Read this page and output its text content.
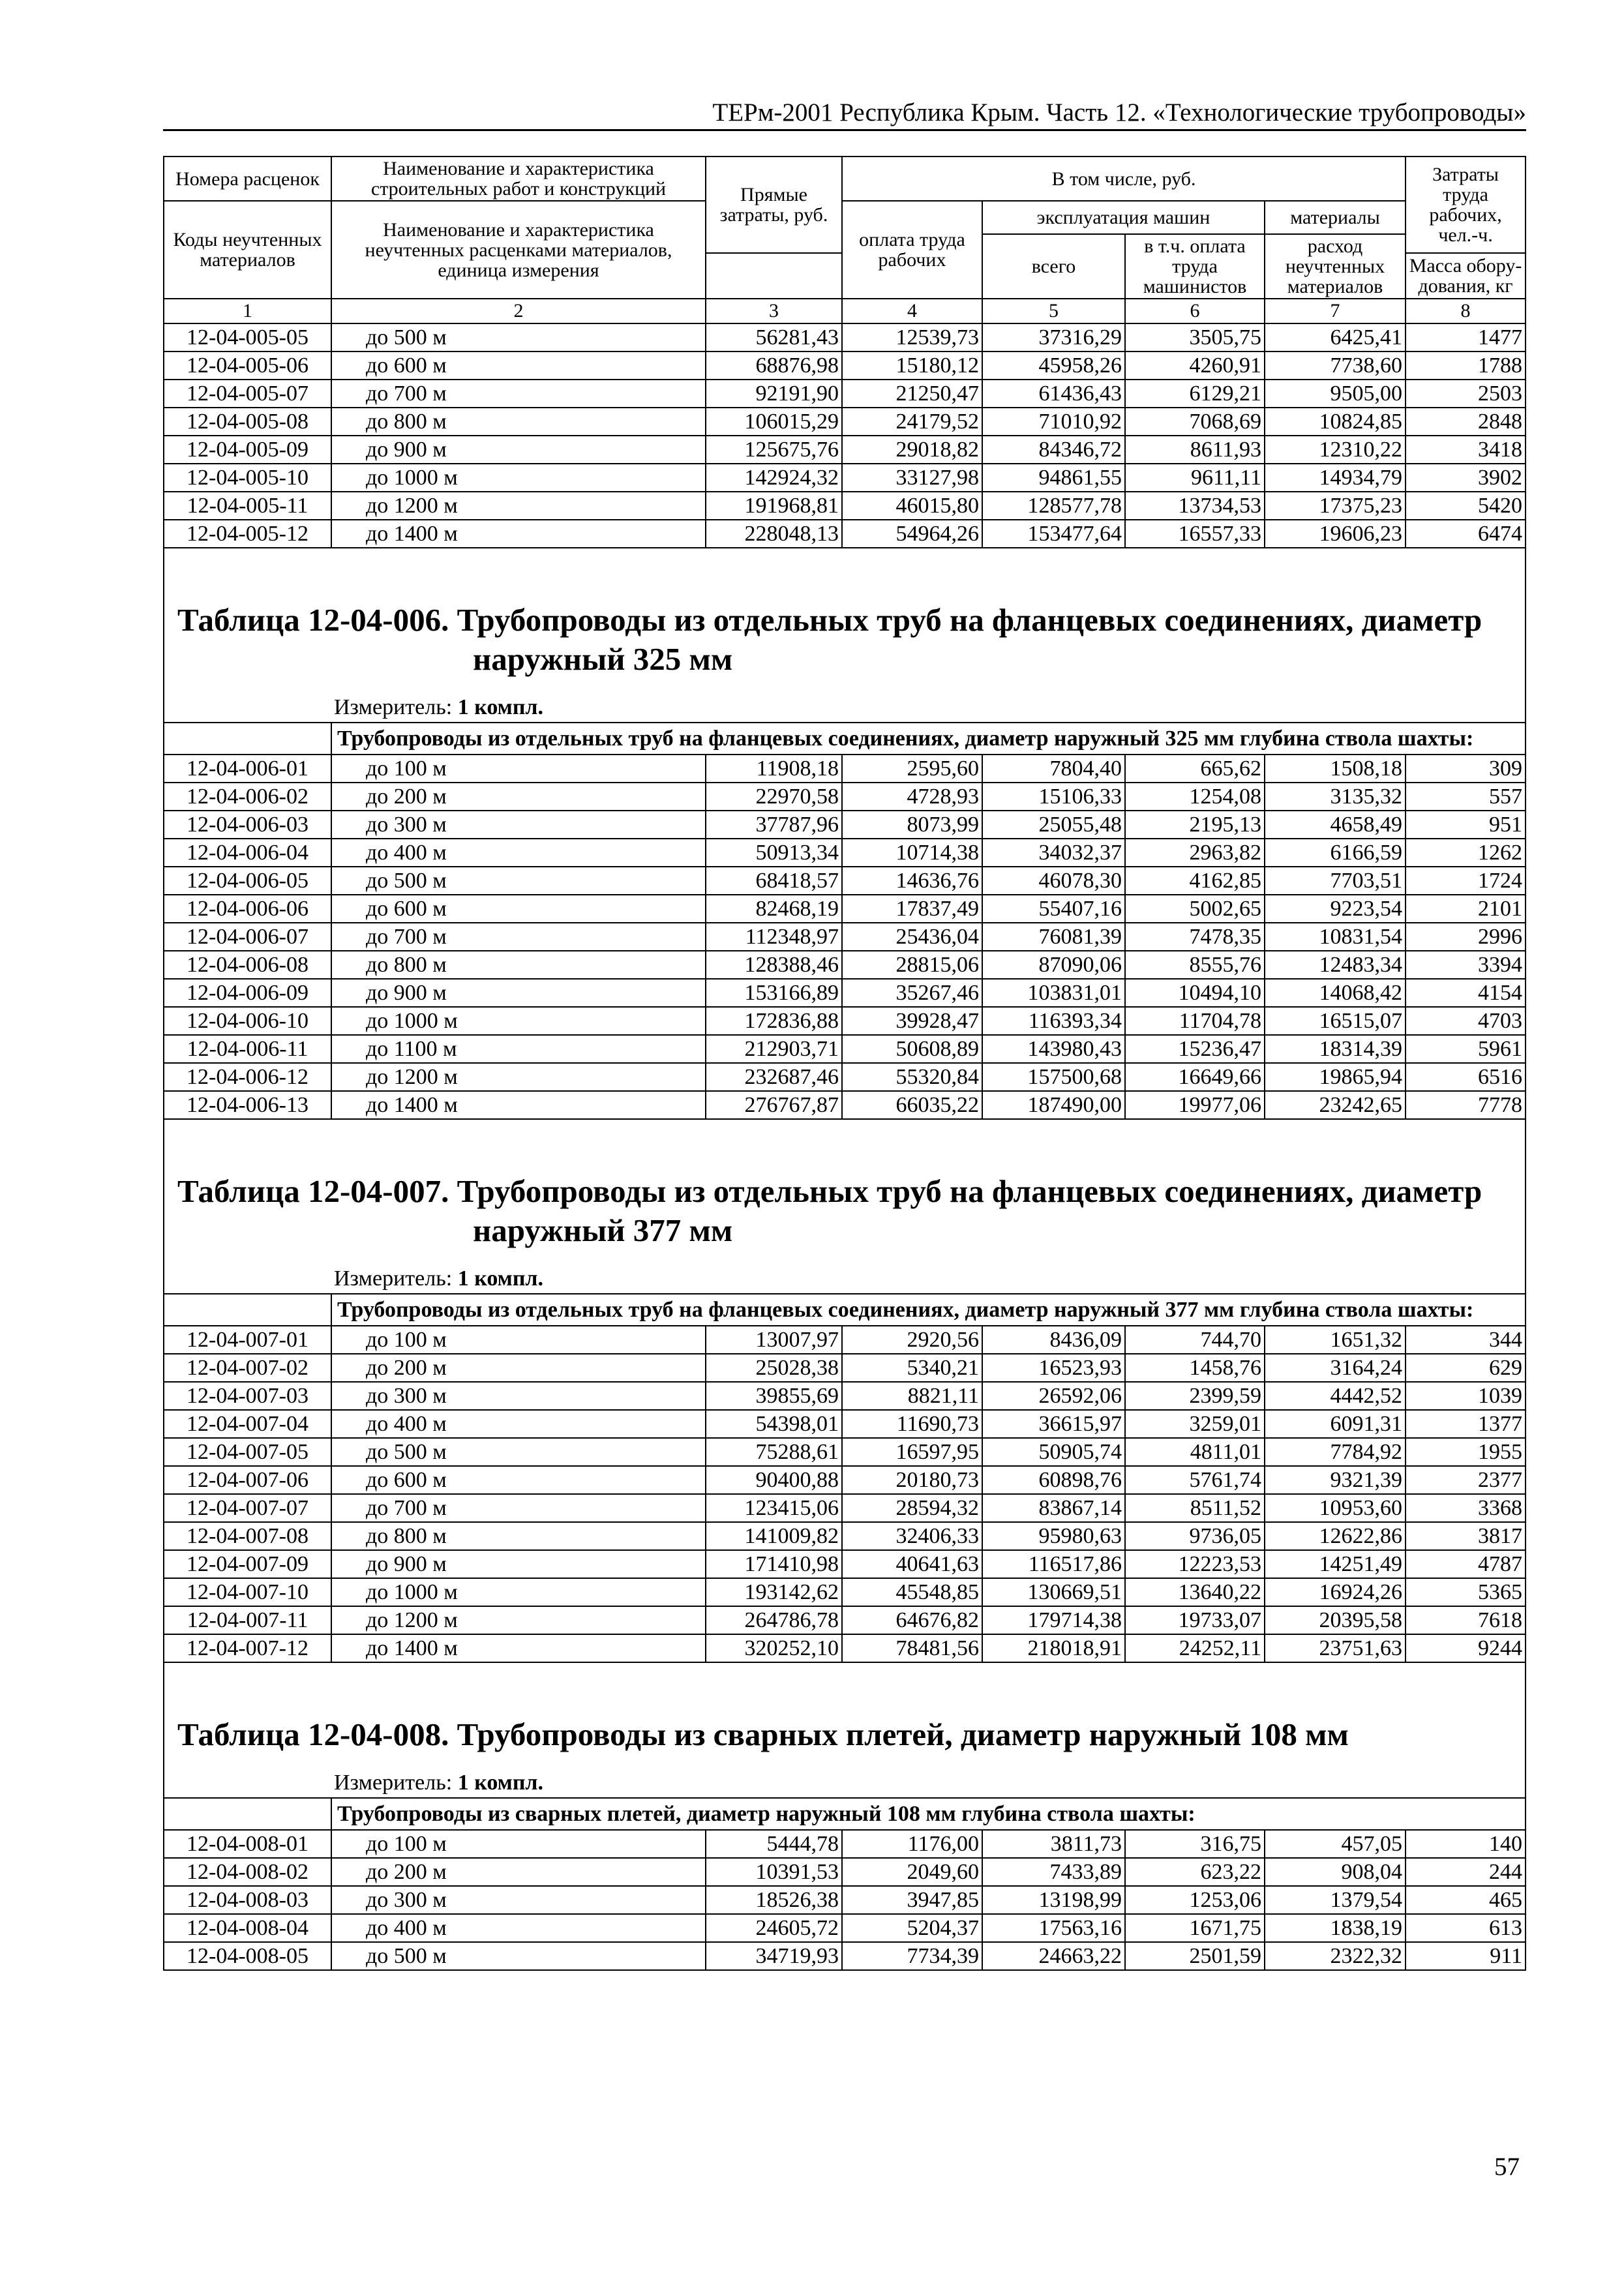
ТЕРм-2001 Республика Крым. Часть 12. «Технологические трубопроводы»
Номера расценок	Наименование и характеристика строительных работ и конструкций	Прямые затраты, руб.	В том числе, руб.				Затраты труда рабочих, чел.-ч.
Коды неучтенных материалов	Наименование и характеристика неучтенных расценками материалов, единица измерения		оплата труда рабочих	эксплуатация машин		материалы	
				всего	в т.ч. оплата труда машинистов	расход неучтенных материалов	
							Масса обору-дования, кг
1	2	3	4	5	6	7	8
12-04-005-05	до 500 м	56281,43	12539,73	37316,29	3505,75	6425,41	1477
12-04-005-06	до 600 м	68876,98	15180,12	45958,26	4260,91	7738,60	1788
12-04-005-07	до 700 м	92191,90	21250,47	61436,43	6129,21	9505,00	2503
12-04-005-08	до 800 м	106015,29	24179,52	71010,92	7068,69	10824,85	2848
12-04-005-09	до 900 м	125675,76	29018,82	84346,72	8611,93	12310,22	3418
12-04-005-10	до 1000 м	142924,32	33127,98	94861,55	9611,11	14934,79	3902
12-04-005-11	до 1200 м	191968,81	46015,80	128577,78	13734,53	17375,23	5420
12-04-005-12	до 1400 м	228048,13	54964,26	153477,64	16557,33	19606,23	6474

Таблица 12-04-006. Трубопроводы из отдельных труб на фланцевых соединениях, диаметр
наружный 325 мм							

	Измеритель: 1 компл.						
	Трубопроводы из отдельных труб на фланцевых соединениях, диаметр наружный 325 мм глубина ствола шахты:						
12-04-006-01	до 100 м	11908,18	2595,60	7804,40	665,62	1508,18	309
12-04-006-02	до 200 м	22970,58	4728,93	15106,33	1254,08	3135,32	557
12-04-006-03	до 300 м	37787,96	8073,99	25055,48	2195,13	4658,49	951
12-04-006-04	до 400 м	50913,34	10714,38	34032,37	2963,82	6166,59	1262
12-04-006-05	до 500 м	68418,57	14636,76	46078,30	4162,85	7703,51	1724
12-04-006-06	до 600 м	82468,19	17837,49	55407,16	5002,65	9223,54	2101
12-04-006-07	до 700 м	112348,97	25436,04	76081,39	7478,35	10831,54	2996
12-04-006-08	до 800 м	128388,46	28815,06	87090,06	8555,76	12483,34	3394
12-04-006-09	до 900 м	153166,89	35267,46	103831,01	10494,10	14068,42	4154
12-04-006-10	до 1000 м	172836,88	39928,47	116393,34	11704,78	16515,07	4703
12-04-006-11	до 1100 м	212903,71	50608,89	143980,43	15236,47	18314,39	5961
12-04-006-12	до 1200 м	232687,46	55320,84	157500,68	16649,66	19865,94	6516
12-04-006-13	до 1400 м	276767,87	66035,22	187490,00	19977,06	23242,65	7778

Таблица 12-04-007. Трубопроводы из отдельных труб на фланцевых соединениях, диаметр
наружный 377 мм							

	Измеритель: 1 компл.						
	Трубопроводы из отдельных труб на фланцевых соединениях, диаметр наружный 377 мм глубина ствола шахты:						
12-04-007-01	до 100 м	13007,97	2920,56	8436,09	744,70	1651,32	344
12-04-007-02	до 200 м	25028,38	5340,21	16523,93	1458,76	3164,24	629
12-04-007-03	до 300 м	39855,69	8821,11	26592,06	2399,59	4442,52	1039
12-04-007-04	до 400 м	54398,01	11690,73	36615,97	3259,01	6091,31	1377
12-04-007-05	до 500 м	75288,61	16597,95	50905,74	4811,01	7784,92	1955
12-04-007-06	до 600 м	90400,88	20180,73	60898,76	5761,74	9321,39	2377
12-04-007-07	до 700 м	123415,06	28594,32	83867,14	8511,52	10953,60	3368
12-04-007-08	до 800 м	141009,82	32406,33	95980,63	9736,05	12622,86	3817
12-04-007-09	до 900 м	171410,98	40641,63	116517,86	12223,53	14251,49	4787
12-04-007-10	до 1000 м	193142,62	45548,85	130669,51	13640,22	16924,26	5365
12-04-007-11	до 1200 м	264786,78	64676,82	179714,38	19733,07	20395,58	7618
12-04-007-12	до 1400 м	320252,10	78481,56	218018,91	24252,11	23751,63	9244

Таблица 12-04-008. Трубопроводы из сварных плетей, диаметр наружный 108 мм							
	Измеритель: 1 компл.						
	Трубопроводы из сварных плетей, диаметр наружный 108 мм глубина ствола шахты:						
12-04-008-01	до 100 м	5444,78	1176,00	3811,73	316,75	457,05	140
12-04-008-02	до 200 м	10391,53	2049,60	7433,89	623,22	908,04	244
12-04-008-03	до 300 м	18526,38	3947,85	13198,99	1253,06	1379,54	465
12-04-008-04	до 400 м	24605,72	5204,37	17563,16	1671,75	1838,19	613
12-04-008-05	до 500 м	34719,93	7734,39	24663,22	2501,59	2322,32	911
57
